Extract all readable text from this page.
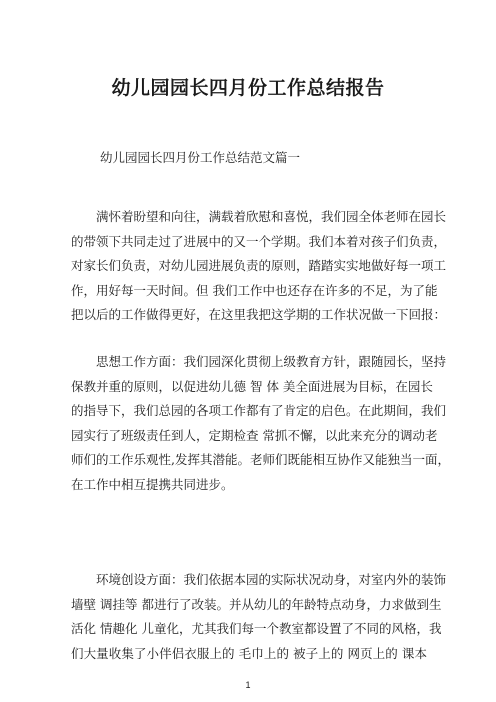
幼儿园园长四月份工作总结报告
幼儿园园长四月份工作总结范文篇一
满怀着盼望和向往，满载着欣慰和喜悦，我们园全体老师在园长
的带领下共同走过了进展中的又一个学期。我们本着对孩子们负责，
对家长们负责，对幼儿园进展负责的原则，踏踏实实地做好每一项工
作，用好每一天时间。但 我们工作中也还存在许多的不足，为了能
把以后的工作做得更好，在这里我把这学期的工作状况做一下回报：
思想工作方面：我们园深化贯彻上级教育方针，跟随园长，坚持
保教并重的原则，以促进幼儿德 智 体 美全面进展为目标，在园长
的指导下，我们总园的各项工作都有了肯定的启色。在此期间，我们
园实行了班级责任到人，定期检查 常抓不懈，以此来充分的调动老
师们的工作乐观性,发挥其潜能。老师们既能相互协作又能独当一面，
在工作中相互提携共同进步。
环境创设方面：我们依据本园的实际状况动身，对室内外的装饰
墙壁 调挂等 都进行了改装。并从幼儿的年龄特点动身，力求做到生
活化 情趣化 儿童化，尤其我们每一个教室都设置了不同的风格，我
们大量收集了小伴侣衣服上的 毛巾上的 被子上的 网页上的 课本
1
